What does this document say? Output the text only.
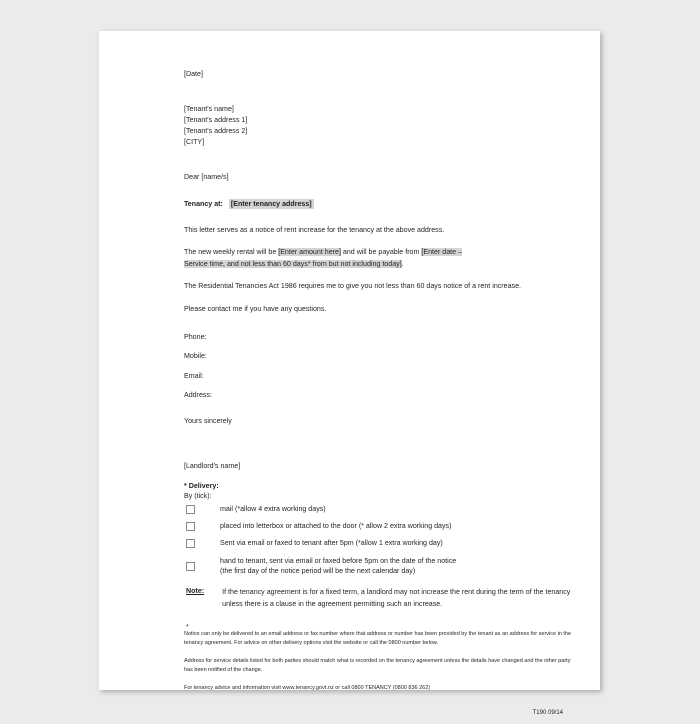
[Date]
[Tenant's name]
[Tenant's address 1]
[Tenant's address 2]
[CITY]
Dear [name/s]
Tenancy at: [Enter tenancy address]
This letter serves as a notice of rent increase for the tenancy at the above address.
The new weekly rental will be [Enter amount here] and will be payable from [Enter date –
Service time, and not less than 60 days* from but not including today].
The Residential Tenancies Act 1986 requires me to give you not less than 60 days notice of a rent increase.
Please contact me if you have any questions.
Phone:
Mobile:
Email:
Address:
Yours sincerely
[Landlord's name]
* Delivery:
By (tick):
mail (*allow 4 extra working days)
placed into letterbox or attached to the door (* allow 2 extra working days)
Sent via email or faxed to tenant after 5pm (*allow 1 extra working day)
hand to tenant, sent via email or faxed before 5pm on the date of the notice
(the first day of the notice period will be the next calendar day)
Note:	If the tenancy agreement is for a fixed term, a landlord may not increase the rent during the term of the tenancy unless there is a clause in the agreement permitting such an increase.
*
Notice can only be delivered to an email address or fax number where that address or number has been provided by the tenant as an address for service in the tenancy agreement. For advice on other delivery options visit the website or call the 0800 number below.
Address for service details listed for both parties should match what is recorded on the tenancy agreement unless the details have changed and the other party has been notified of the change.
For tenancy advice and information visit www.tenancy.govt.nz or call 0800 TENANCY (0800 836 262)
T190 09/14
